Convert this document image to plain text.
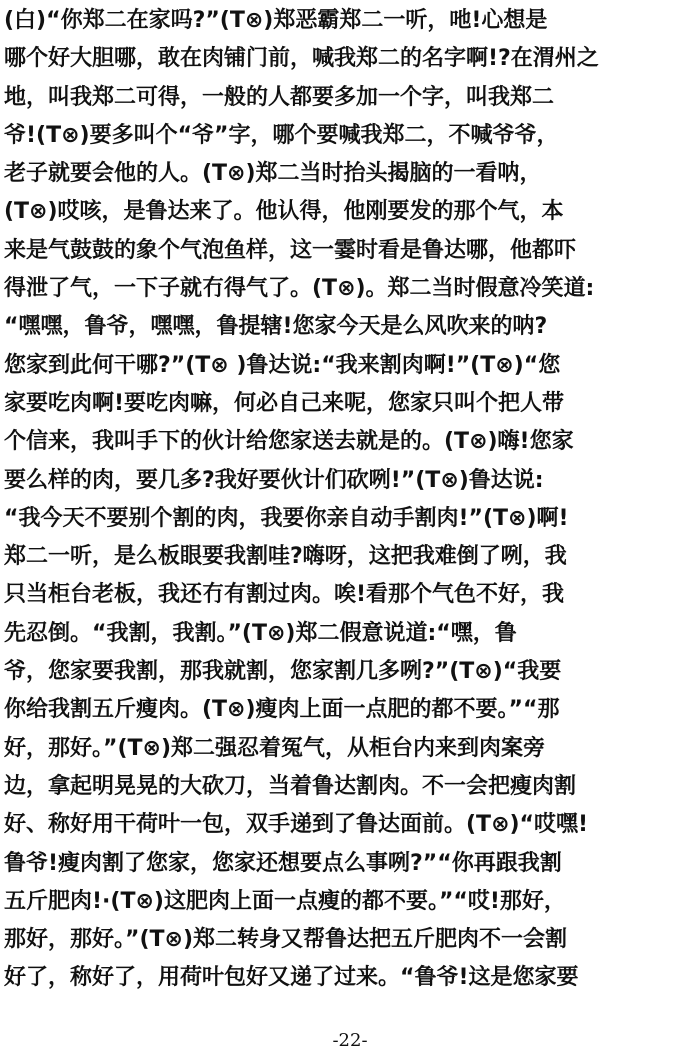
(白)“你郑二在家吗?”(T⊗)郑恶霸郑二一听，吔!心想是
哪个好大胆哪，敢在肉铺门前，喊我郑二的名字啊!?在渭州之
地，叫我郑二可得，一般的人都要多加一个字，叫我郑二
爷!(T⊗)要多叫个“爷”字，哪个要喊我郑二，不喊爷爷，
老子就要会他的人。(T⊗)郑二当时抬头揭脑的一看呐，
(T⊗)哎咳，是鲁达来了。他认得，他刚要发的那个气，本
来是气鼓鼓的象个气泡鱼样，这一霎时看是鲁达哪，他都吓
得泄了气，一下子就冇得气了。(T⊗)。郑二当时假意冷笑道:
“嘿嘿，鲁爷，嘿嘿，鲁提辖!您家今天是么风吹来的呐?
您家到此何干哪?”(T⊗ )鲁达说:“我来割肉啊!”(T⊗)“您
家要吃肉啊!要吃肉嘛，何必自己来呢，您家只叫个把人带
个信来，我叫手下的伙计给您家送去就是的。(T⊗)嗨!您家
要么样的肉，要几多?我好要伙计们砍咧!”(T⊗)鲁达说:
“我今天不要别个割的肉，我要你亲自动手割肉!”(T⊗)啊!
郑二一听，是么板眼要我割哇?嗨呀，这把我难倒了咧，我
只当柜台老板，我还冇有割过肉。唉!看那个气色不好，我
先忍倒。“我割，我割。”(T⊗)郑二假意说道:“嘿，鲁
爷，您家要我割，那我就割，您家割几多咧?”(T⊗)“我要
你给我割五斤瘦肉。(T⊗)瘦肉上面一点肥的都不要。”“那
好，那好。”(T⊗)郑二强忍着冤气，从柜台内来到肉案旁
边，拿起明晃晃的大砍刀，当着鲁达割肉。不一会把瘦肉割
好、称好用干荷叶一包，双手递到了鲁达面前。(T⊗)“哎嘿!
鲁爷!瘦肉割了您家，您家还想要点么事咧?”“你再跟我割
五斤肥肉!·(T⊗)这肥肉上面一点瘦的都不要。”“哎!那好，
那好，那好。”(T⊗)郑二转身又帮鲁达把五斤肥肉不一会割
好了，称好了，用荷叶包好又递了过来。“鲁爷!这是您家要
-22-
